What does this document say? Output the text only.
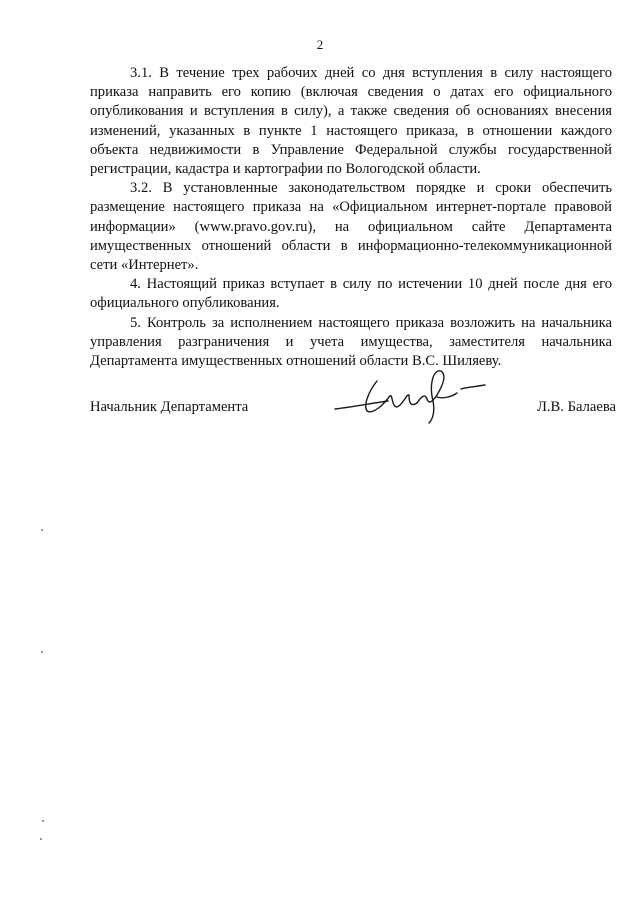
2

3.1. В течение трех рабочих дней со дня вступления в силу настоящего приказа направить его копию (включая сведения о датах его официального опубликования и вступления в силу), а также сведения об основаниях внесения изменений, указанных в пункте 1 настоящего приказа, в отношении каждого объекта недвижимости в Управление Федеральной службы государственной регистрации, кадастра и картографии по Вологодской области.

3.2. В установленные законодательством порядке и сроки обеспечить размещение настоящего приказа на «Официальном интернет-портале правовой информации» (www.pravo.gov.ru), на официальном сайте Департамента имущественных отношений области в информационно-телекоммуникационной сети «Интернет».

4. Настоящий приказ вступает в силу по истечении 10 дней после дня его официального опубликования.

5. Контроль за исполнением настоящего приказа возложить на начальника управления разграничения и учета имущества, заместителя начальника Департамента имущественных отношений области В.С. Шиляеву.

Начальник Департамента	Л.В. Балаева
